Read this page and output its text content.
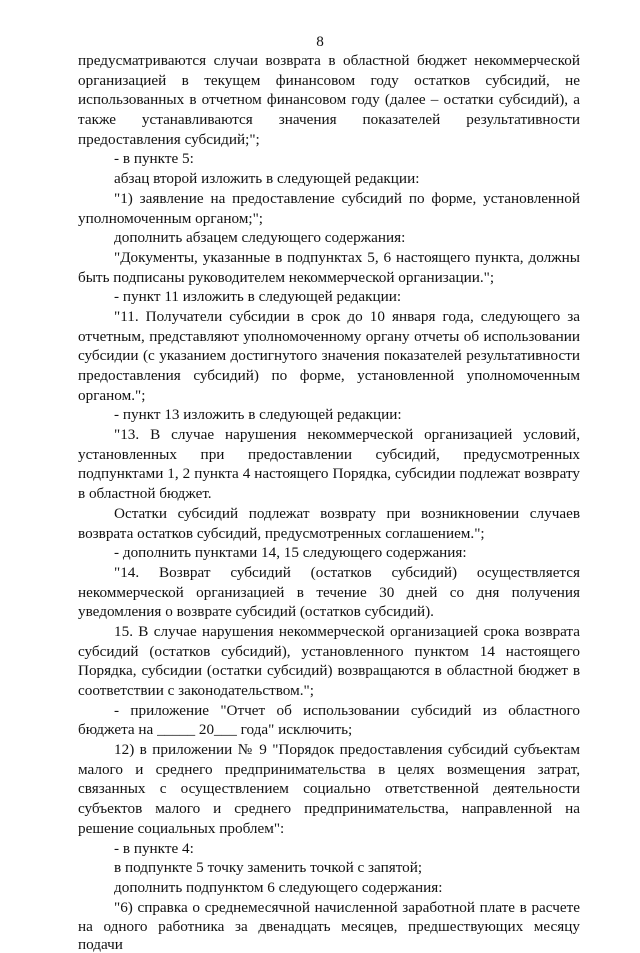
8
предусматриваются случаи возврата в областной бюджет некоммерческой
организацией в текущем финансовом году остатков субсидий, не
использованных в отчетном финансовом году (далее – остатки субсидий), а
также устанавливаются значения показателей результативности
предоставления субсидий;";
- в пункте 5:
абзац второй изложить в следующей редакции:
"1) заявление на предоставление субсидий по форме, установленной
уполномоченным органом;";
дополнить абзацем следующего содержания:
"Документы, указанные в подпунктах 5, 6 настоящего пункта, должны
быть подписаны руководителем некоммерческой организации.";
- пункт 11 изложить в следующей редакции:
"11. Получатели субсидии в срок до 10 января года, следующего за
отчетным, представляют уполномоченному органу отчеты об использовании
субсидии (с указанием достигнутого значения показателей результативности
предоставления субсидий) по форме, установленной уполномоченным
органом.";
- пункт 13 изложить в следующей редакции:
"13. В случае нарушения некоммерческой организацией условий,
установленных при предоставлении субсидий, предусмотренных
подпунктами 1, 2 пункта 4 настоящего Порядка, субсидии подлежат возврату
в областной бюджет.
Остатки субсидий подлежат возврату при возникновении случаев
возврата остатков субсидий, предусмотренных соглашением.";
- дополнить пунктами 14, 15 следующего содержания:
"14. Возврат субсидий (остатков субсидий) осуществляется
некоммерческой организацией в течение 30 дней со дня получения
уведомления о возврате субсидий (остатков субсидий).
15. В случае нарушения некоммерческой организацией срока возврата
субсидий (остатков субсидий), установленного пунктом 14 настоящего
Порядка, субсидии (остатки субсидий) возвращаются в областной бюджет в
соответствии с законодательством.";
- приложение "Отчет об использовании субсидий из областного
бюджета на _____ 20___ года" исключить;
12) в приложении № 9 "Порядок предоставления субсидий субъектам
малого и среднего предпринимательства в целях возмещения затрат,
связанных с осуществлением социально ответственной деятельности
субъектов малого и среднего предпринимательства, направленной на
решение социальных проблем":
- в пункте 4:
в подпункте 5 точку заменить точкой с запятой;
дополнить подпунктом 6 следующего содержания:
"6) справка о среднемесячной начисленной заработной плате в расчете
на одного работника за двенадцать месяцев, предшествующих месяцу подачи
